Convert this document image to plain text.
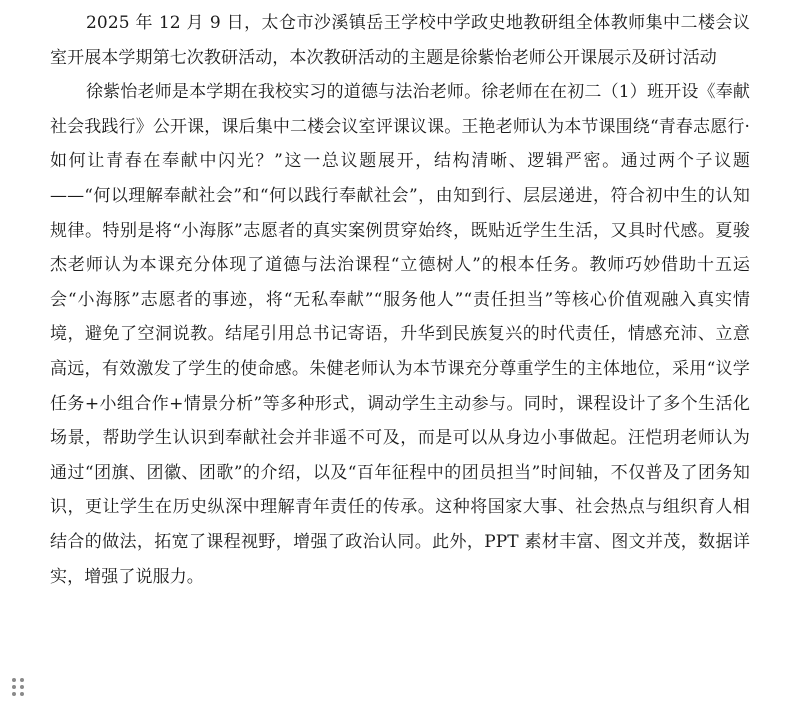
2025 年 12 月 9 日，太仓市沙溪镇岳王学校中学政史地教研组全体教师集中二楼会议室开展本学期第七次教研活动，本次教研活动的主题是徐紫怡老师公开课展示及研讨活动

徐紫怡老师是本学期在我校实习的道德与法治老师。徐老师在在初二（1）班开设《奉献社会我践行》公开课，课后集中二楼会议室评课议课。王艳老师认为本节课围绕“青春志愿行·如何让青春在奉献中闪光？”这一总议题展开，结构清晰、逻辑严密。通过两个子议题——“何以理解奉献社会”和“何以践行奉献社会”，由知到行、层层递进，符合初中生的认知规律。特别是将“小海豚”志愿者的真实案例贯穿始终，既贴近学生生活，又具时代感。夏骏杰老师认为本课充分体现了道德与法治课程“立德树人”的根本任务。教师巧妙借助十五运会“小海豚”志愿者的事迹，将“无私奉献”“服务他人”“责任担当”等核心价值观融入真实情境，避免了空洞说教。结尾引用总书记寄语，升华到民族复兴的时代责任，情感充沛、立意高远，有效激发了学生的使命感。朱健老师认为本节课充分尊重学生的主体地位，采用“议学任务+小组合作+情景分析”等多种形式，调动学生主动参与。同时，课程设计了多个生活化场景，帮助学生认识到奉献社会并非遥不可及，而是可以从身边小事做起。汪恺玥老师认为通过“团旗、团徽、团歌”的介绍，以及“百年征程中的团员担当”时间轴，不仅普及了团务知识，更让学生在历史纵深中理解青年责任的传承。这种将国家大事、社会热点与组织育人相结合的做法，拓宽了课程视野，增强了政治认同。此外，PPT 素材丰富、图文并茂，数据详实，增强了说服力。
